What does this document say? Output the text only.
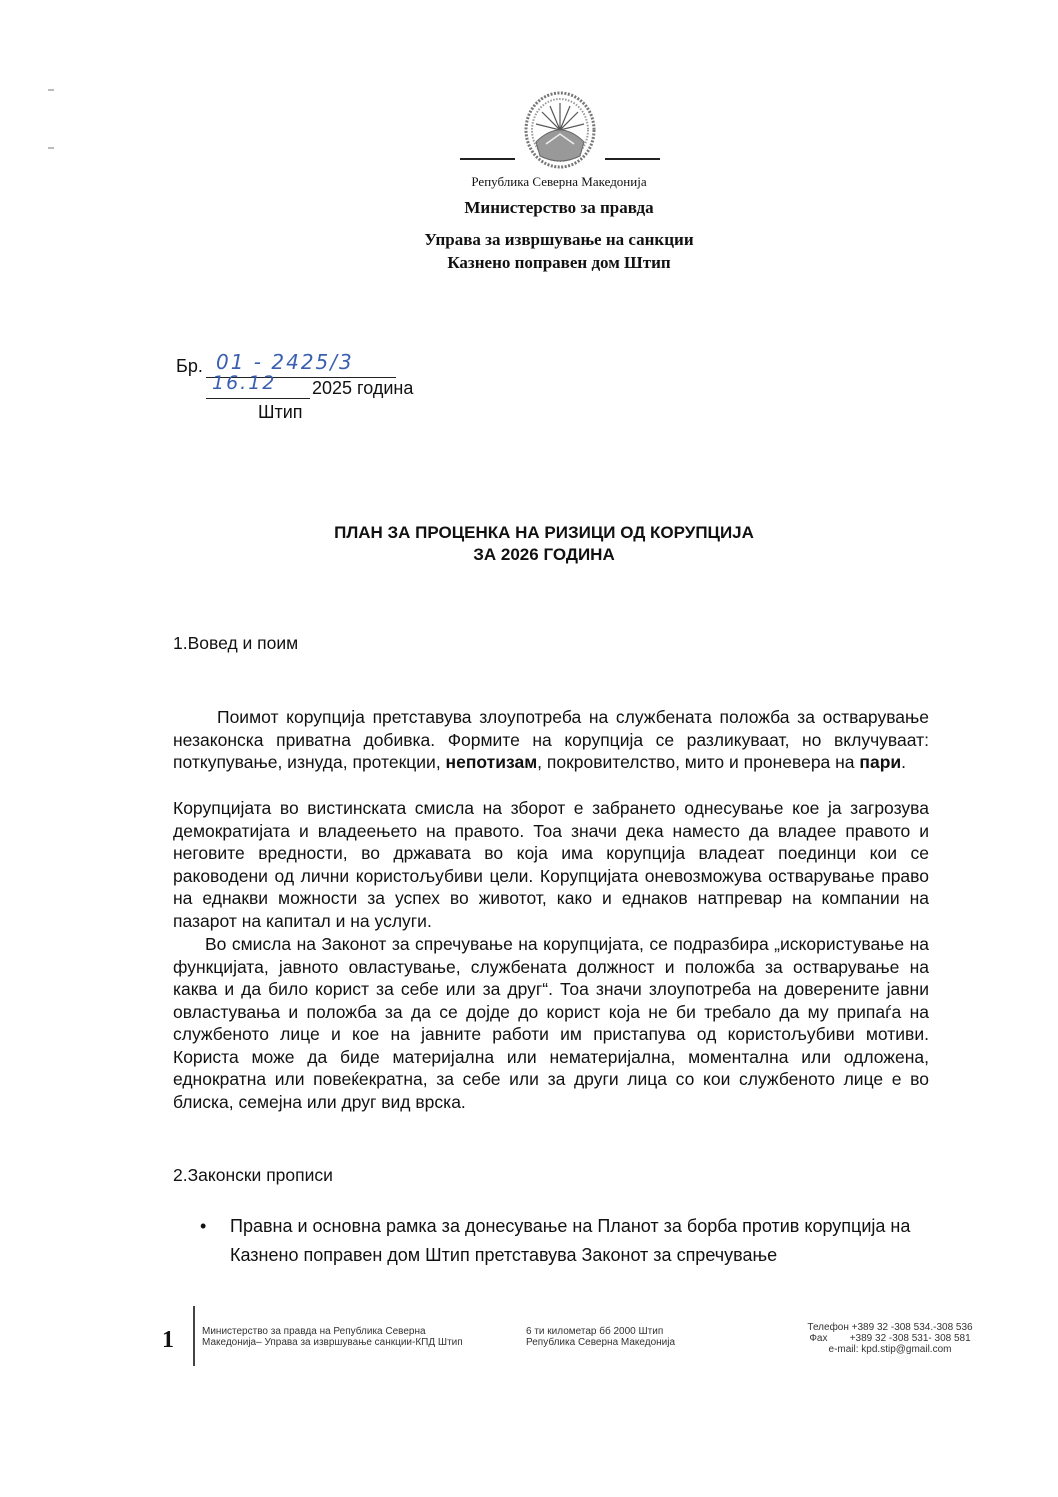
Република Северна Македонија
Министерство за правда
Управа за извршување на санкции
Казнено поправен дом Штип
Бр. 01 - 2425/3
16.12 2025 година
Штип
ПЛАН ЗА ПРОЦЕНКА НА РИЗИЦИ ОД КОРУПЦИЈА
ЗА 2026 ГОДИНА
1.Вовед и поим
Поимот корупција претставува злоупотреба на службената положба за остварување незаконска приватна добивка. Формите на корупција се разликуваат, но вклучуваат: поткупување, изнуда, протекции, непотизам, покровителство, мито и проневера на пари.
Корупцијата во вистинската смисла на зборот е забрането однесување кое ја загрозува демократијата и владеењето на правото. Тоа значи дека наместо да владее правото и неговите вредности, во државата во која има корупција владеат поединци кои се раководени од лични користољубиви цели. Корупцијата оневозможува остварување право на еднакви можности за успех во животот, како и еднаков натпревар на компании на пазарот на капитал и на услуги.
Во смисла на Законот за спречување на корупцијата, се подразбира „искористување на функцијата, јавното овластување, службената должност и положба за остварување на каква и да било корист за себе или за друг“. Тоа значи злоупотреба на доверените јавни овластувања и положба за да се дојде до корист која не би требало да му припаѓа на службеното лице и кое на јавните работи им пристапува од користољубиви мотиви. Користа може да биде материјална или нематеријална, моментална или одложена, еднократна или повеќекратна, за себе или за други лица со кои службеното лице е во блиска, семејна или друг вид врска.
2.Законски прописи
• Правна и основна рамка за донесување на Планот за борба против корупција на Казнено поправен дом Штип претставува Законот за спречување
1	Министерство за правда на Република Северна
Македонија– Управа за извршување санкции-КПД Штип
6 ти километар бб 2000 Штип
Република Северна Македонија
Телефон +389 32 -308 534.-308 536
Фах        +389 32 -308 531- 308 581
e-mail: kpd.stip@gmail.com
